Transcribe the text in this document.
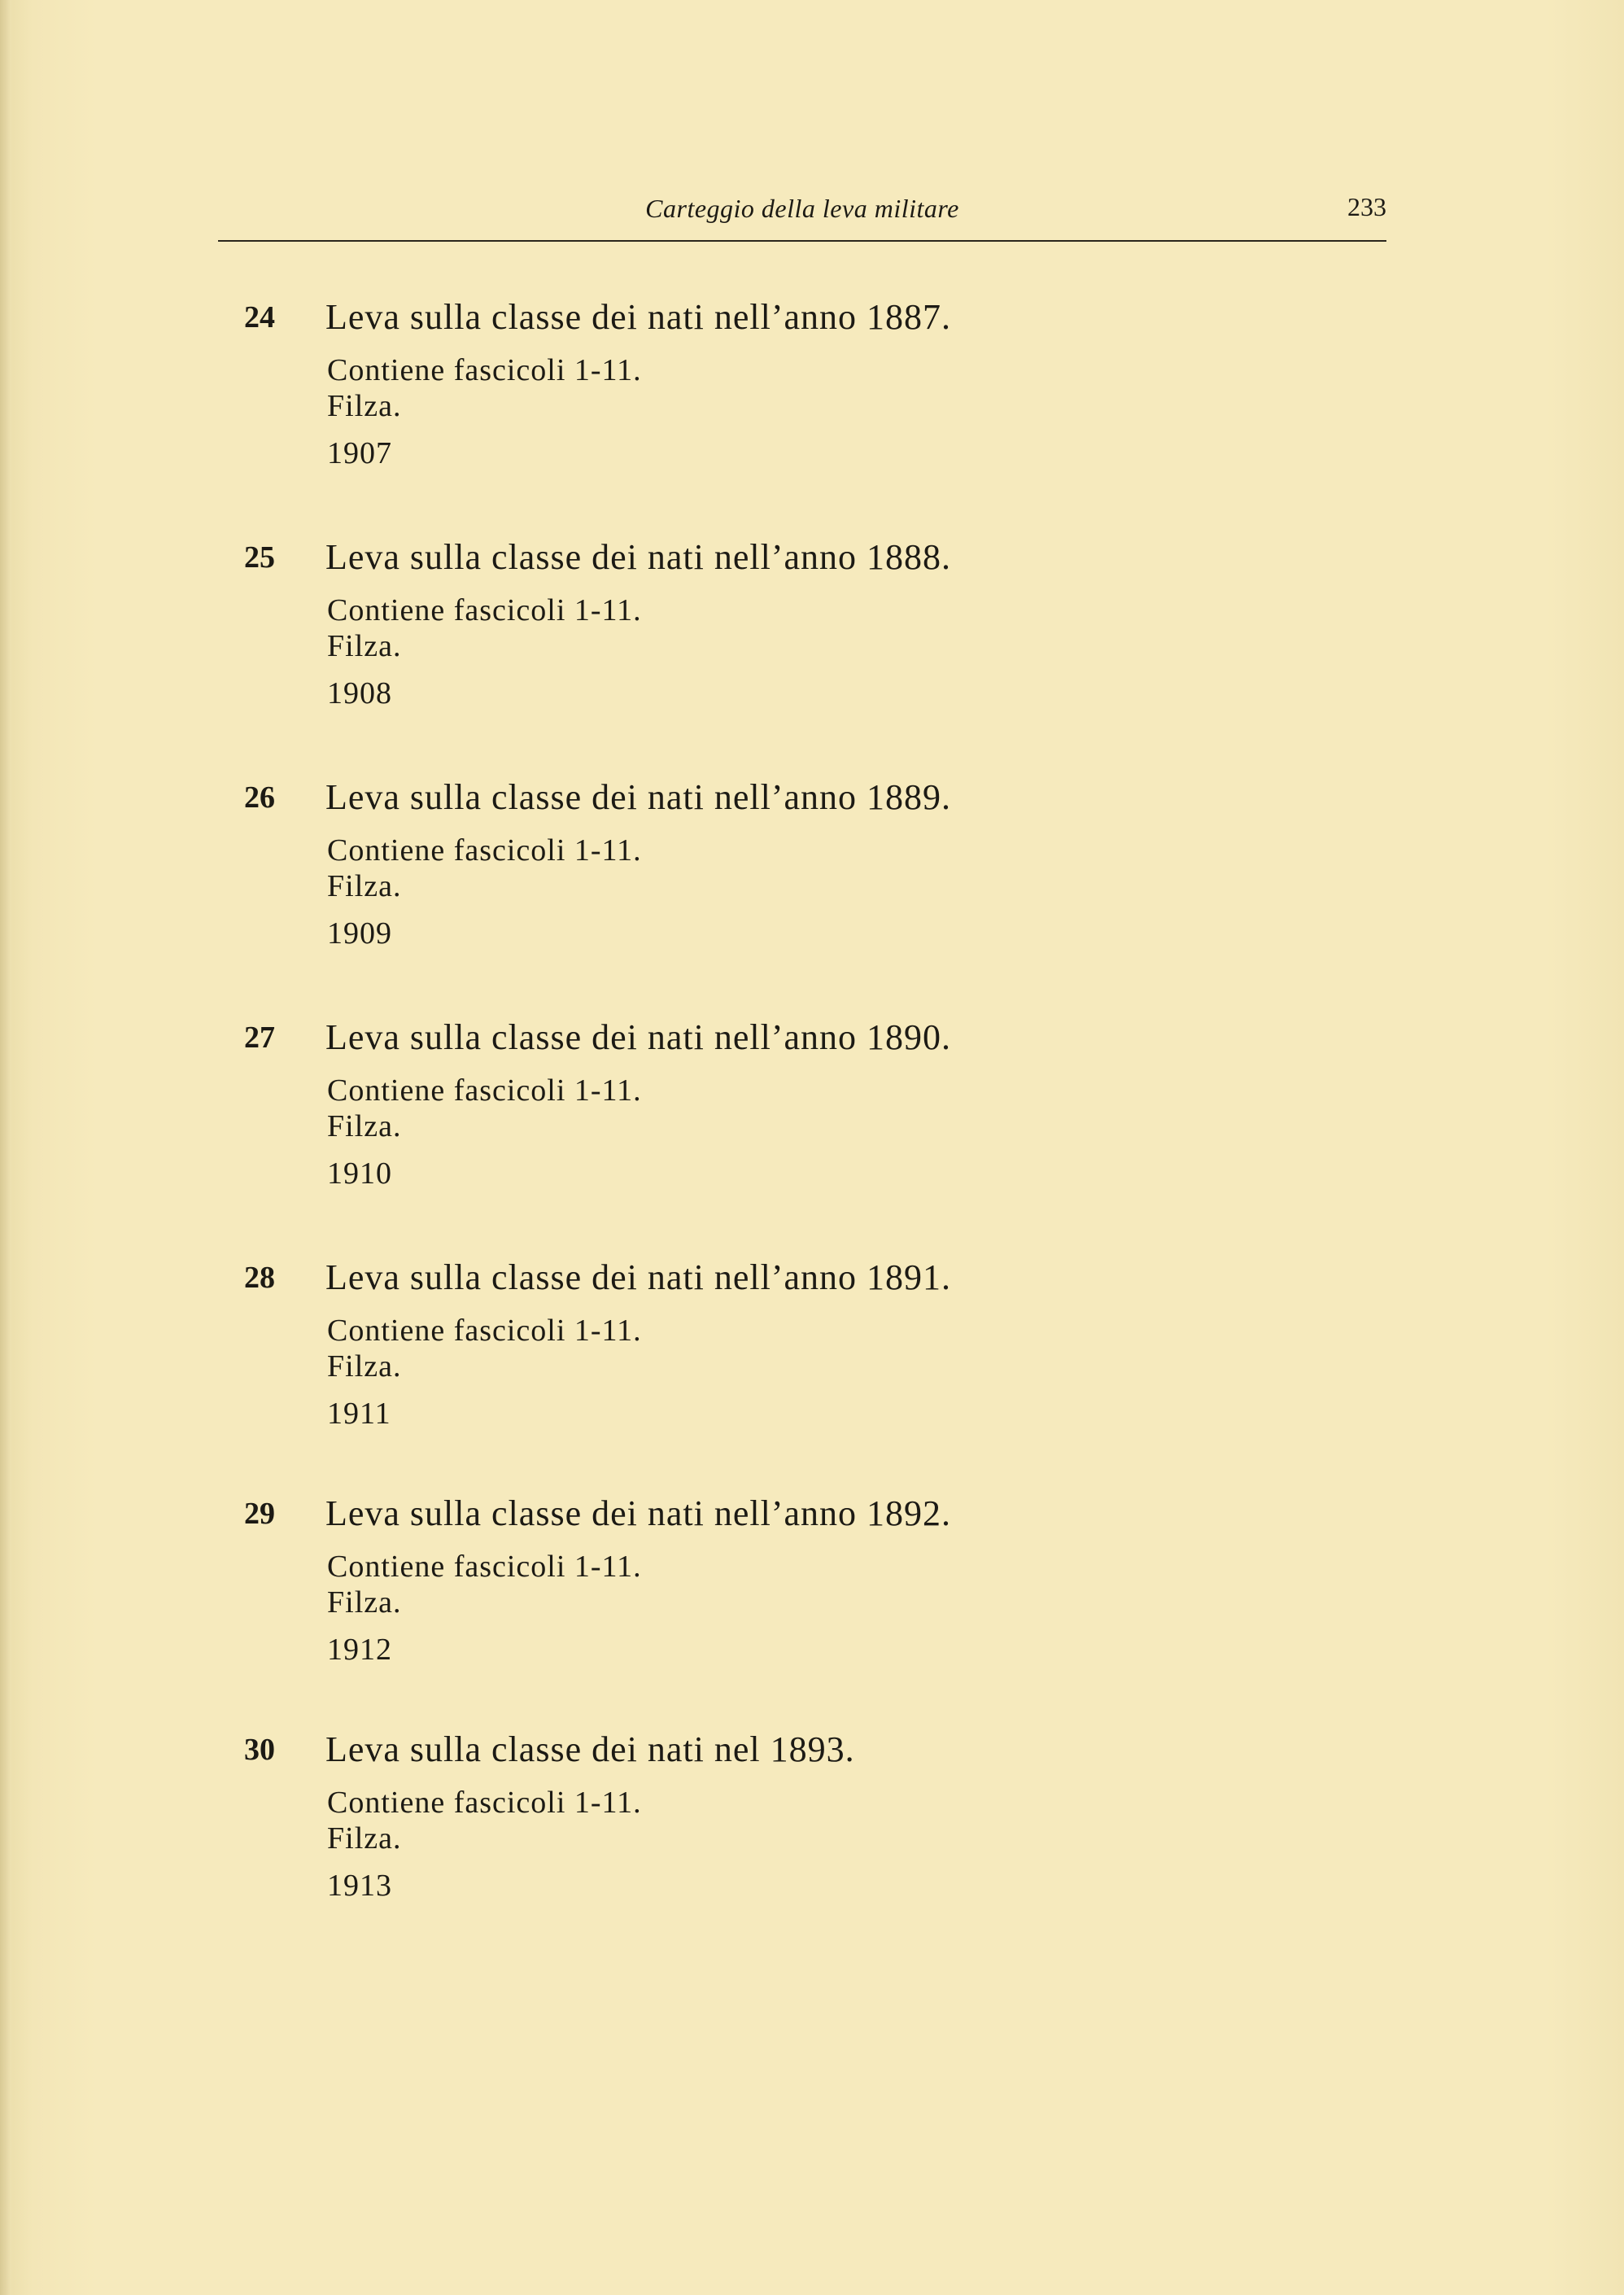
Carteggio della leva militare	233
24	Leva sulla classe dei nati nell’anno 1887.
Contiene fascicoli 1-11.
Filza.
1907
25	Leva sulla classe dei nati nell’anno 1888.
Contiene fascicoli 1-11.
Filza.
1908
26	Leva sulla classe dei nati nell’anno 1889.
Contiene fascicoli 1-11.
Filza.
1909
27	Leva sulla classe dei nati nell’anno 1890.
Contiene fascicoli 1-11.
Filza.
1910
28	Leva sulla classe dei nati nell’anno 1891.
Contiene fascicoli 1-11.
Filza.
1911
29	Leva sulla classe dei nati nell’anno 1892.
Contiene fascicoli 1-11.
Filza.
1912
30	Leva sulla classe dei nati nel 1893.
Contiene fascicoli 1-11.
Filza.
1913
